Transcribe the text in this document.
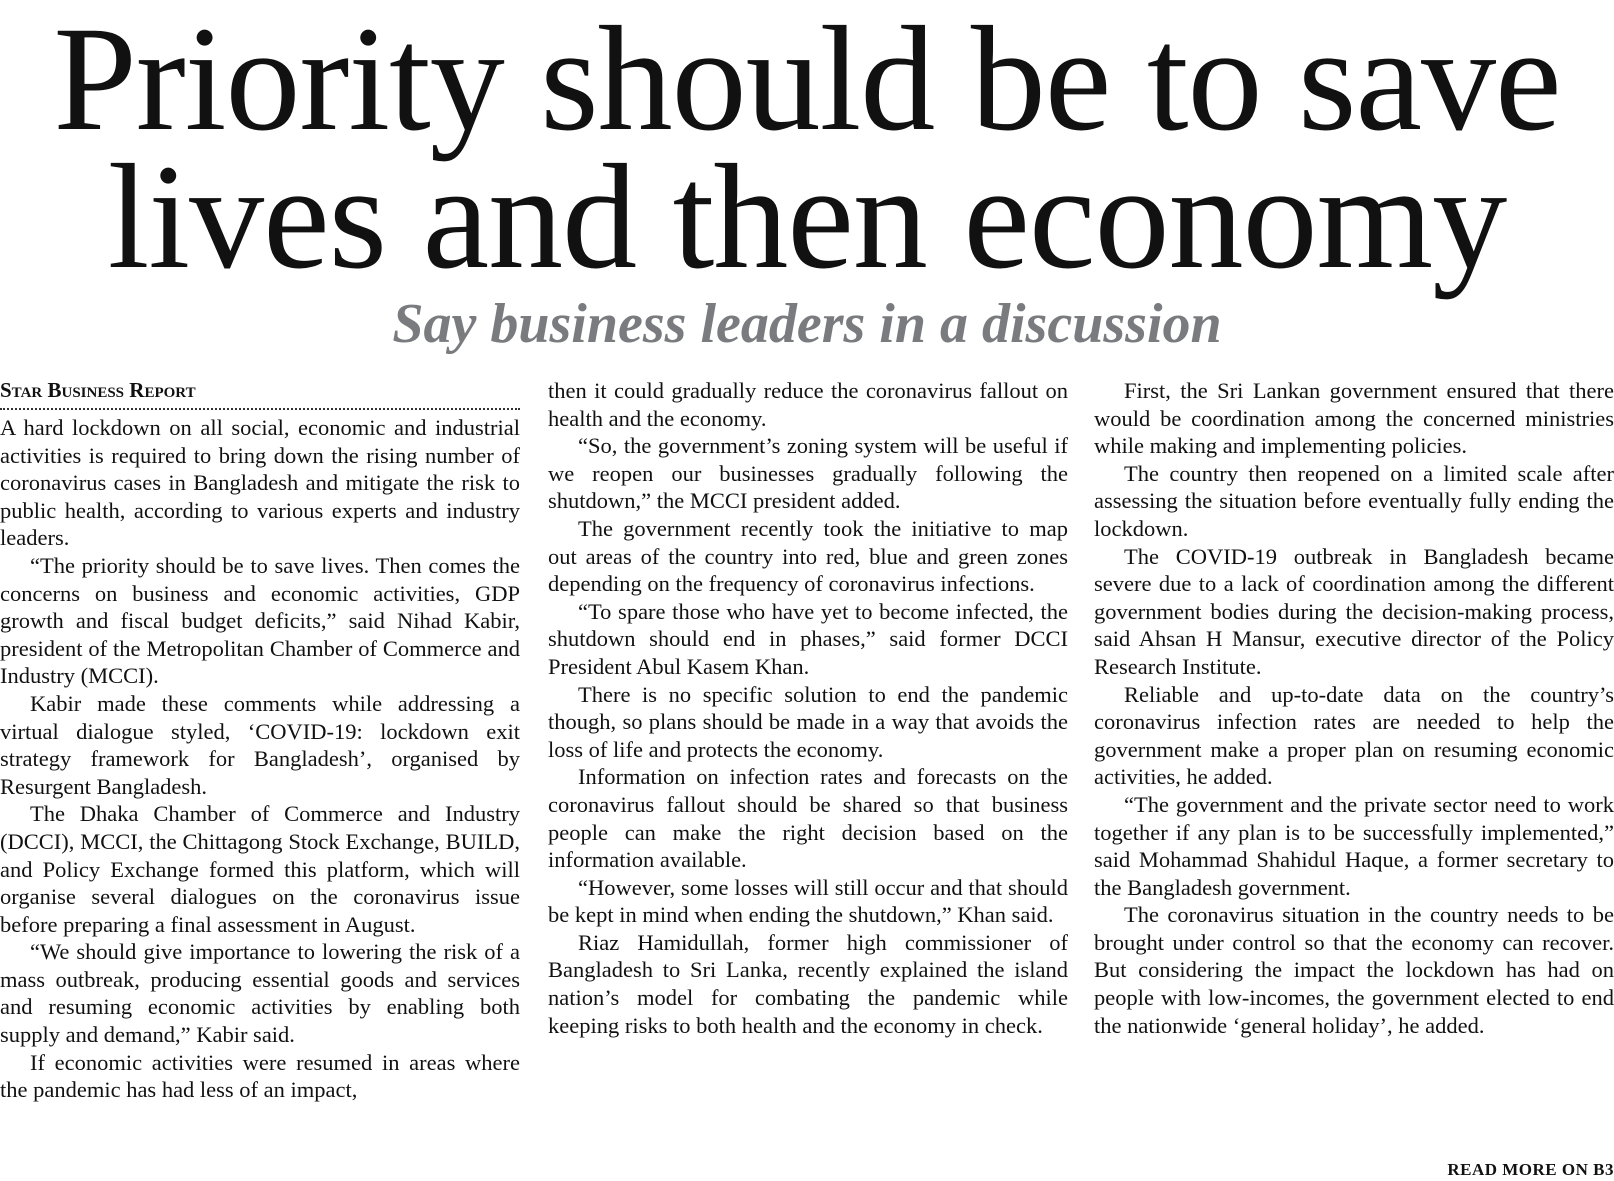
Priority should be to save
lives and then economy
Say business leaders in a discussion
Star Business Report

A hard lockdown on all social, economic and industrial activities is required to bring down the rising number of coronavirus cases in Bangladesh and mitigate the risk to public health, according to various experts and industry leaders.

“The priority should be to save lives. Then comes the concerns on business and economic activities, GDP growth and fiscal budget deficits,” said Nihad Kabir, president of the Metropolitan Chamber of Commerce and Industry (MCCI).

Kabir made these comments while addressing a virtual dialogue styled, ‘COVID-19: lockdown exit strategy framework for Bangladesh’, organised by Resurgent Bangladesh.

The Dhaka Chamber of Commerce and Industry (DCCI), MCCI, the Chittagong Stock Exchange, BUILD, and Policy Exchange formed this platform, which will organise several dialogues on the coronavirus issue before preparing a final assessment in August.

“We should give importance to lowering the risk of a mass outbreak, producing essential goods and services and resuming economic activities by enabling both supply and demand,” Kabir said.

If economic activities were resumed in areas where the pandemic has had less of an impact,

then it could gradually reduce the coronavirus fallout on health and the economy.

“So, the government’s zoning system will be useful if we reopen our businesses gradually following the shutdown,” the MCCI president added.

The government recently took the initiative to map out areas of the country into red, blue and green zones depending on the frequency of coronavirus infections.

“To spare those who have yet to become infected, the shutdown should end in phases,” said former DCCI President Abul Kasem Khan.

There is no specific solution to end the pandemic though, so plans should be made in a way that avoids the loss of life and protects the economy.

Information on infection rates and forecasts on the coronavirus fallout should be shared so that business people can make the right decision based on the information available.

“However, some losses will still occur and that should be kept in mind when ending the shutdown,” Khan said.

Riaz Hamidullah, former high commissioner of Bangladesh to Sri Lanka, recently explained the island nation’s model for combating the pandemic while keeping risks to both health and the economy in check.

First, the Sri Lankan government ensured that there would be coordination among the concerned ministries while making and implementing policies.

The country then reopened on a limited scale after assessing the situation before eventually fully ending the lockdown.

The COVID-19 outbreak in Bangladesh became severe due to a lack of coordination among the different government bodies during the decision-making process, said Ahsan H Mansur, executive director of the Policy Research Institute.

Reliable and up-to-date data on the country’s coronavirus infection rates are needed to help the government make a proper plan on resuming economic activities, he added.

“The government and the private sector need to work together if any plan is to be successfully implemented,” said Mohammad Shahidul Haque, a former secretary to the Bangladesh government.

The coronavirus situation in the country needs to be brought under control so that the economy can recover. But considering the impact the lockdown has had on people with low-incomes, the government elected to end the nationwide ‘general holiday’, he added.

READ MORE ON B3
